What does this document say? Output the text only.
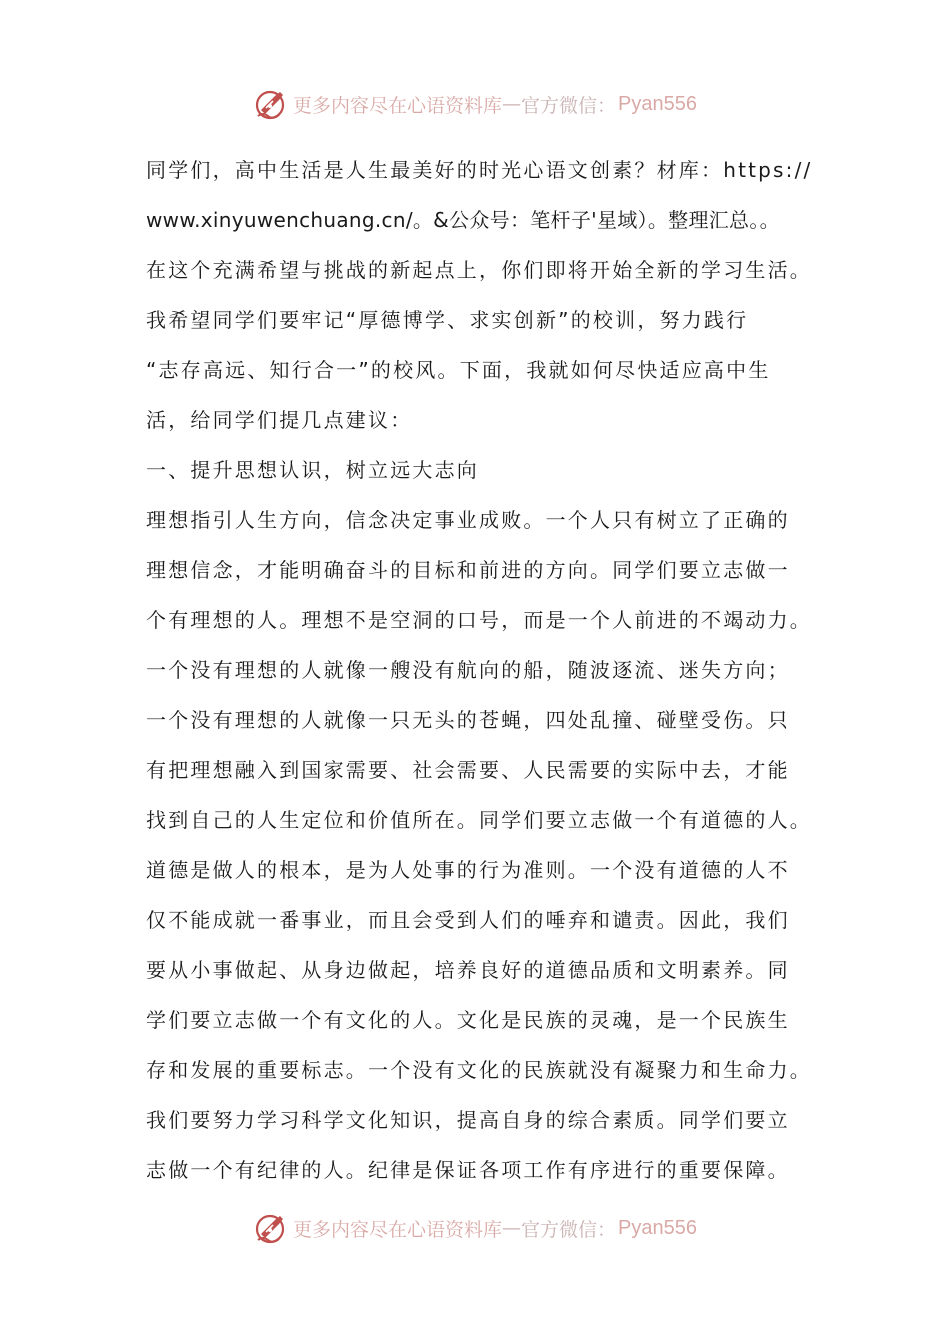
更多内容尽在心语资料库 — 官方微信： Pyan556
同学们，高中生活是人生最美好的时光心语文创素？材库：https://
www.xinyuwenchuang.cn/。&公众号：笔杆子'星域）。整理汇总。。
在这个充满希望与挑战的新起点上，你们即将开始全新的学习生活。
我希望同学们要牢记“厚德博学、求实创新”的校训，努力践行
“志存高远、知行合一”的校风。下面，我就如何尽快适应高中生
活，给同学们提几点建议：
一、提升思想认识，树立远大志向
理想指引人生方向，信念决定事业成败。一个人只有树立了正确的
理想信念，才能明确奋斗的目标和前进的方向。同学们要立志做一
个有理想的人。理想不是空洞的口号，而是一个人前进的不竭动力。
一个没有理想的人就像一艘没有航向的船，随波逐流、迷失方向；
一个没有理想的人就像一只无头的苍蝇，四处乱撞、碰壁受伤。只
有把理想融入到国家需要、社会需要、人民需要的实际中去，才能
找到自己的人生定位和价值所在。同学们要立志做一个有道德的人。
道德是做人的根本，是为人处事的行为准则。一个没有道德的人不
仅不能成就一番事业，而且会受到人们的唾弃和谴责。因此，我们
要从小事做起、从身边做起，培养良好的道德品质和文明素养。同
学们要立志做一个有文化的人。文化是民族的灵魂，是一个民族生
存和发展的重要标志。一个没有文化的民族就没有凝聚力和生命力。
我们要努力学习科学文化知识，提高自身的综合素质。同学们要立
志做一个有纪律的人。纪律是保证各项工作有序进行的重要保障。
更多内容尽在心语资料库 — 官方微信： Pyan556
